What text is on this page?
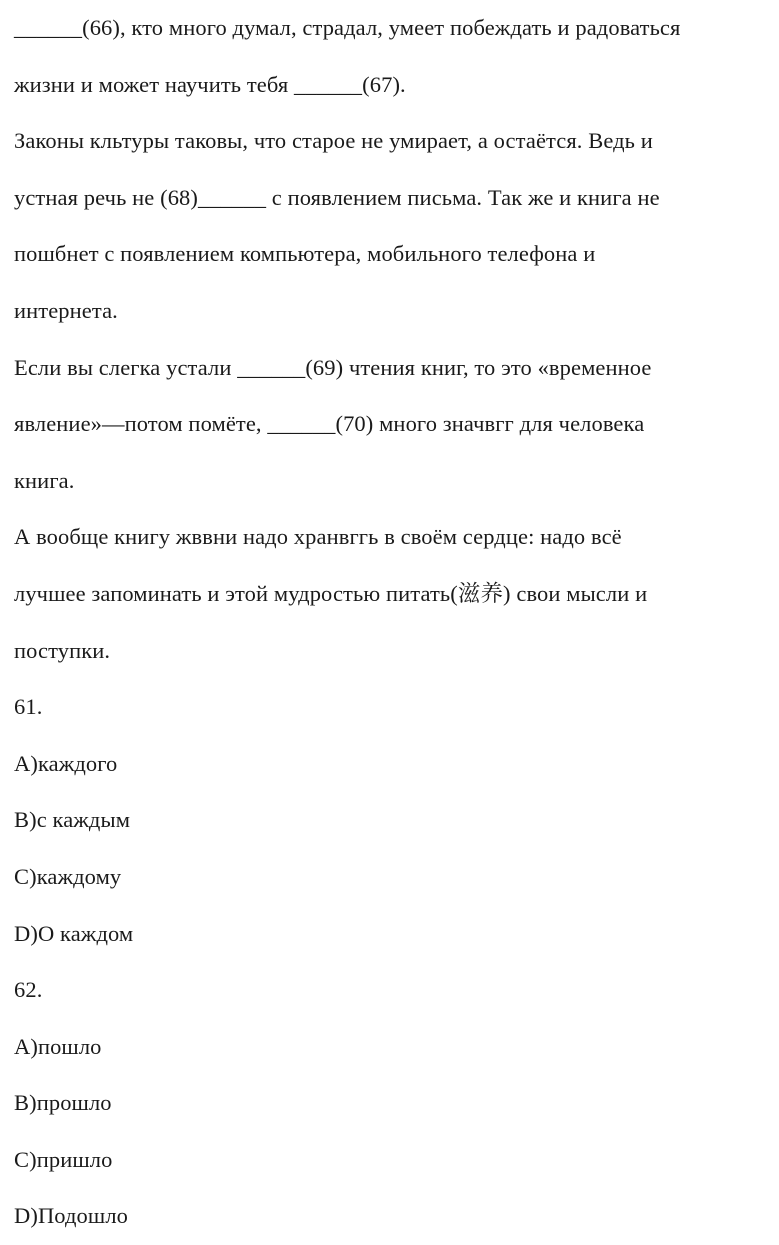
______(66), кто много думал, страдал, умеет побеждать и радоваться
жизни и может научить тебя ______(67).
Законы кльтуры таковы, что старое не умирает, а остаётся. Ведь и
устная речь не (68)______ с появлением письма. Так же и книга не
пошбнет с появлением компьютера, мобильного телефона и
интернета.
Если вы слегка устали ______(69) чтения книг, то это «временное
явление»—потом помёте, ______(70) много значвгг для человека
книга.
А вообще книгу жввни надо хранвггь в своём сердце: надо всё
лучшее запоминать и этой мудростью питать(滋养) свои мысли и
поступки.
61.
A)каждого
B)с каждым
C)каждому
D)О каждом
62.
A)пошло
B)прошло
C)пришло
D)Подошло
